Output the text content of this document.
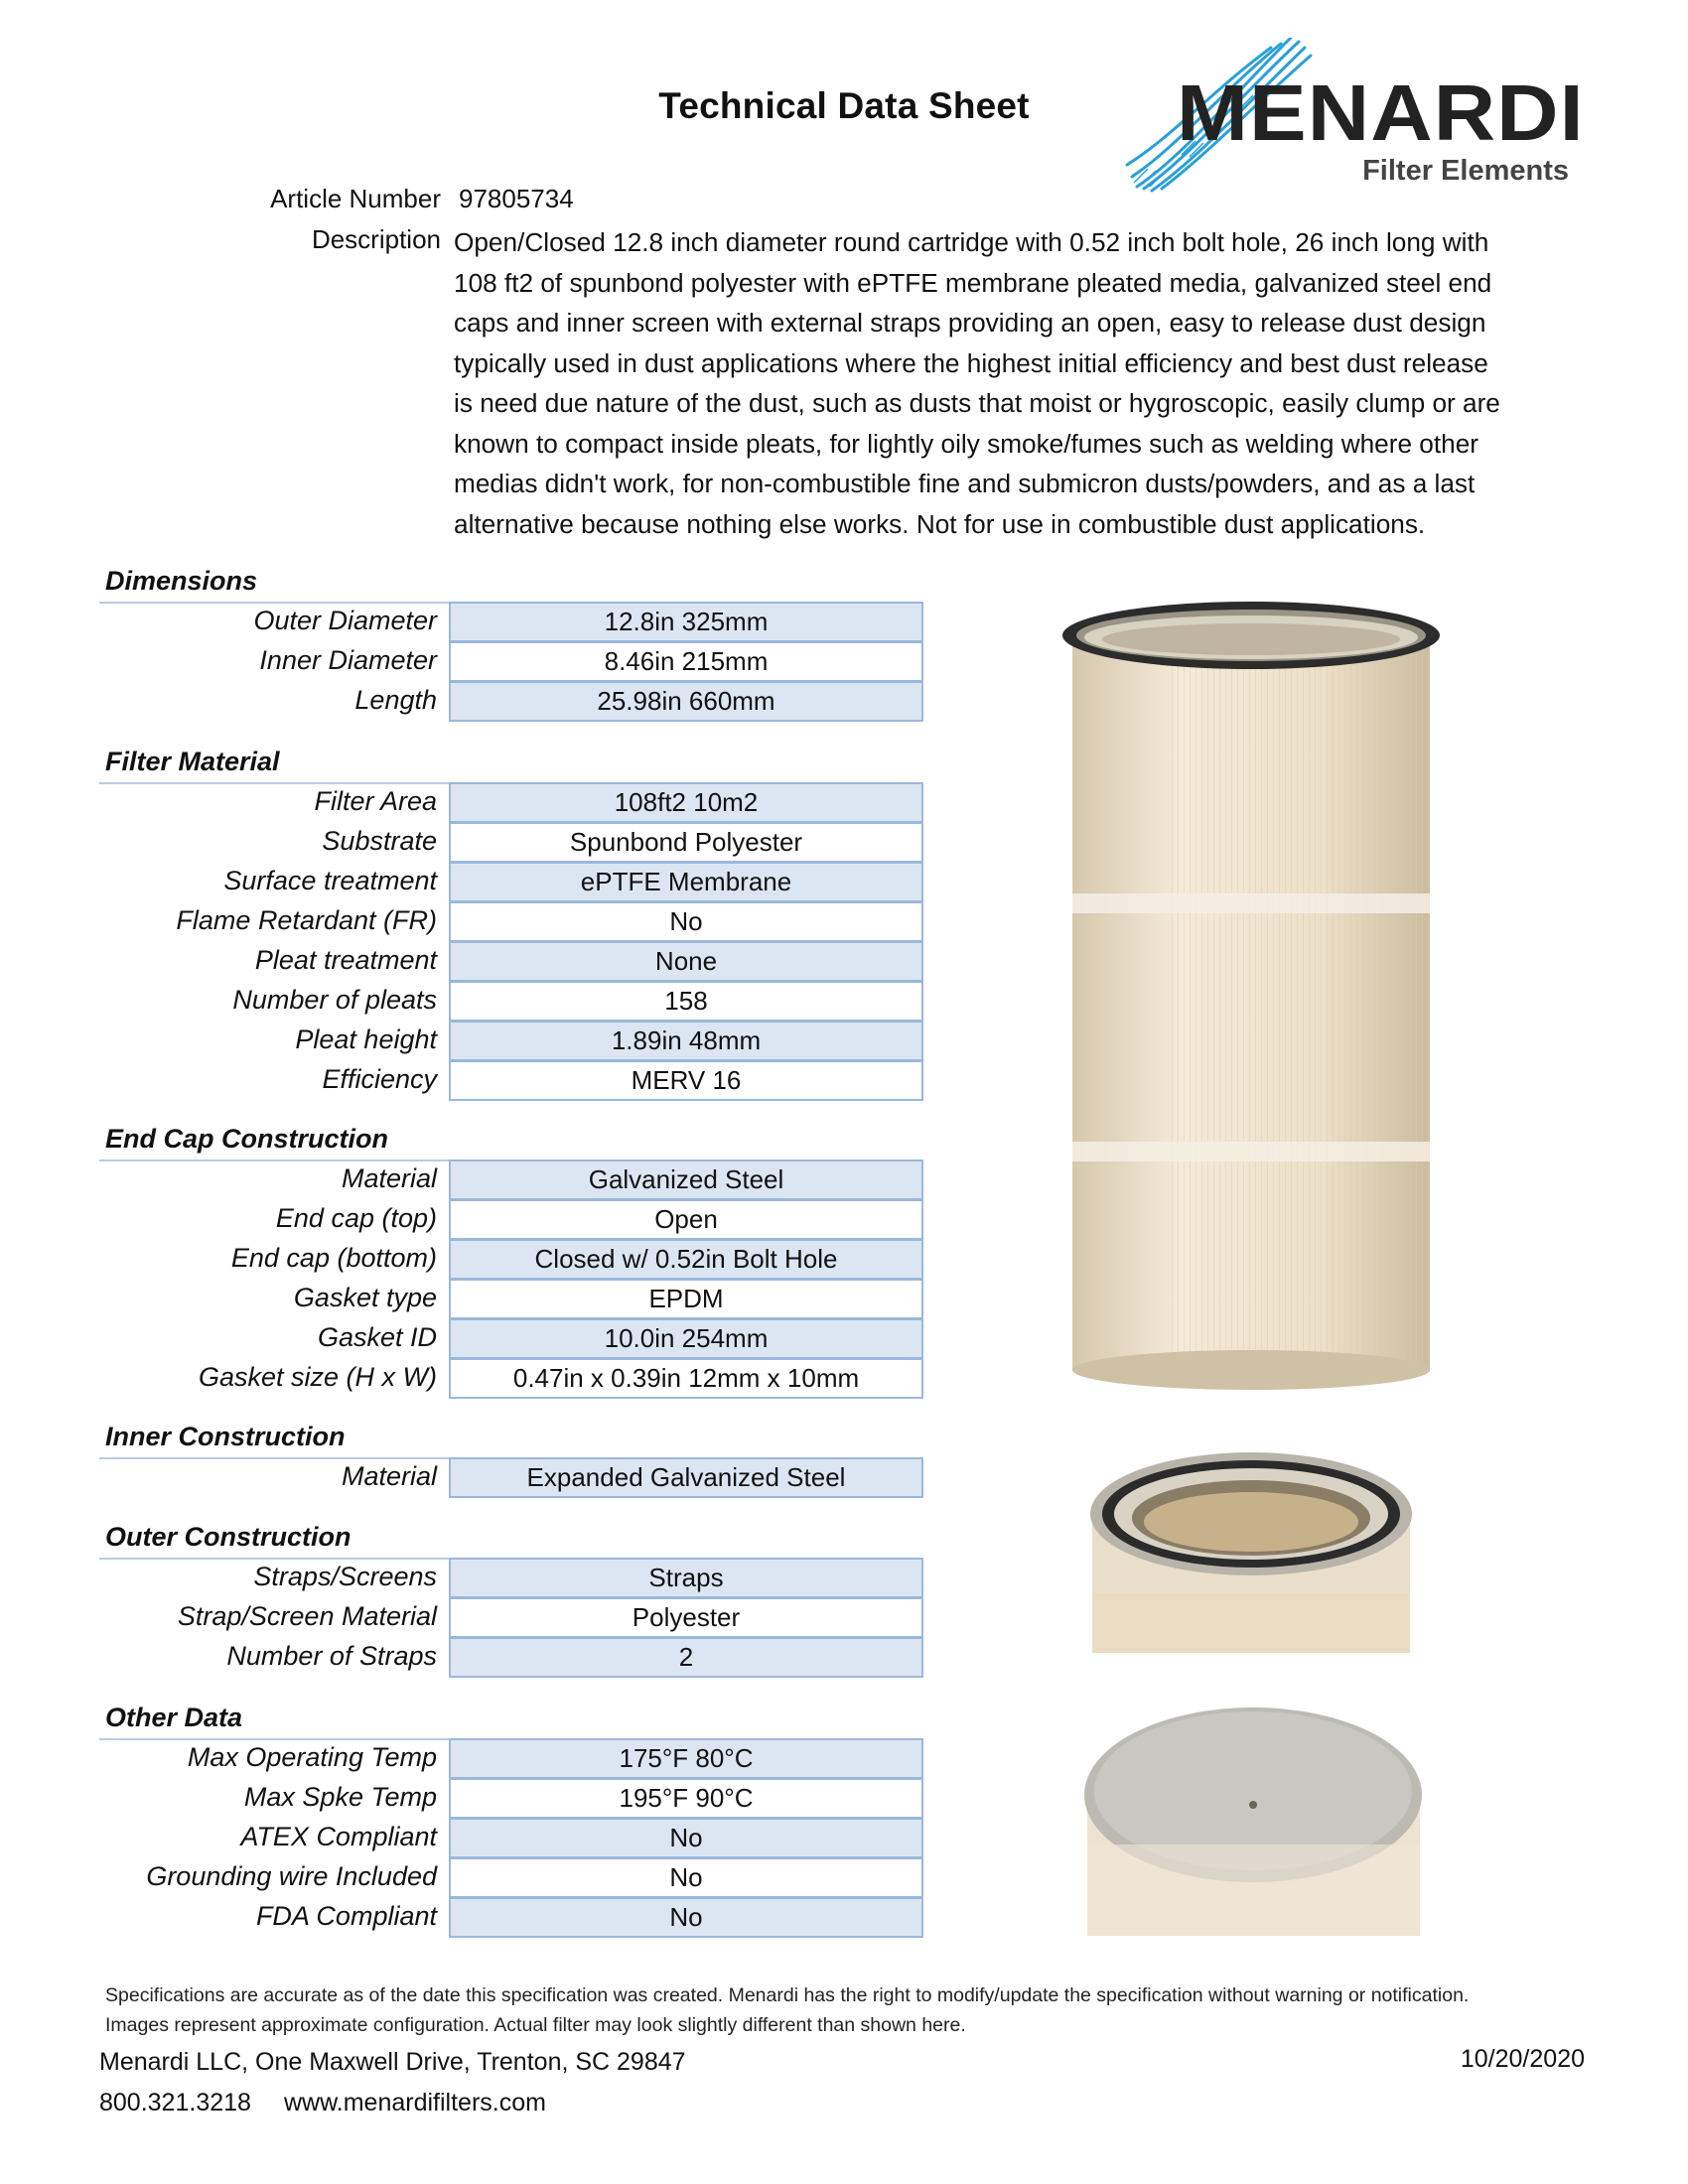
Technical Data Sheet	MENARDI
Filter Elements
Article Number 97805734
Description Open/Closed 12.8 inch diameter round cartridge with 0.52 inch bolt hole, 26 inch long with
108 ft2 of spunbond polyester with ePTFE membrane pleated media, galvanized steel end
caps and inner screen with external straps providing an open, easy to release dust design
typically used in dust applications where the highest initial efficiency and best dust release
is need due nature of the dust, such as dusts that moist or hygroscopic, easily clump or are
known to compact inside pleats, for lightly oily smoke/fumes such as welding where other
medias didn't work, for non-combustible fine and submicron dusts/powders, and as a last
alternative because nothing else works. Not for use in combustible dust applications.
Dimensions
Outer Diameter	12.8in 325mm
Inner Diameter	8.46in 215mm
Length	25.98in 660mm
Filter Material
Filter Area	108ft2 10m2
Substrate	Spunbond Polyester
Surface treatment	ePTFE Membrane
Flame Retardant (FR)	No
Pleat treatment	None
Number of pleats	158
Pleat height	1.89in 48mm
Efficiency	MERV 16
End Cap Construction
Material	Galvanized Steel
End cap (top)	Open
End cap (bottom)	Closed w/ 0.52in Bolt Hole
Gasket type	EPDM
Gasket ID	10.0in 254mm
Gasket size (H x W)	0.47in x 0.39in 12mm x 10mm
Inner Construction
Material	Expanded Galvanized Steel
Outer Construction
Straps/Screens	Straps
Strap/Screen Material	Polyester
Number of Straps	2
Other Data
Max Operating Temp	175°F 80°C
Max Spke Temp	195°F 90°C
ATEX Compliant	No
Grounding wire Included	No
FDA Compliant	No
Specifications are accurate as of the date this specification was created. Menardi has the right to modify/update the specification without warning or notification.
Images represent approximate configuration. Actual filter may look slightly different than shown here.
Menardi LLC, One Maxwell Drive, Trenton, SC 29847	10/20/2020
800.321.3218 www.menardifilters.com
